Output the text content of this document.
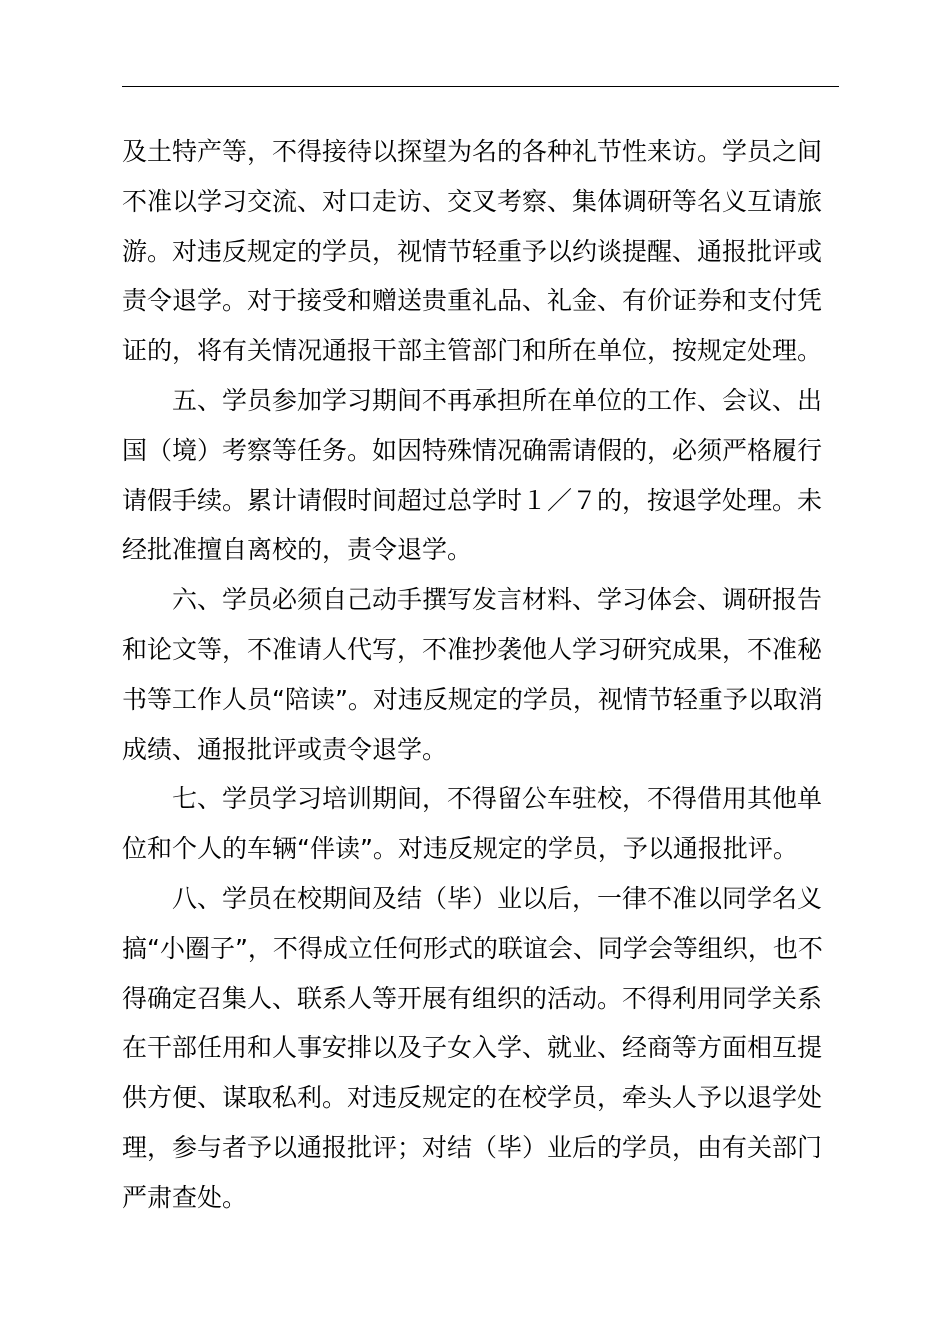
及土特产等，不得接待以探望为名的各种礼节性来访。学员之间
不准以学习交流、对口走访、交叉考察、集体调研等名义互请旅
游。对违反规定的学员，视情节轻重予以约谈提醒、通报批评或
责令退学。对于接受和赠送贵重礼品、礼金、有价证券和支付凭
证的，将有关情况通报干部主管部门和所在单位，按规定处理。
五、学员参加学习期间不再承担所在单位的工作、会议、出
国（境）考察等任务。如因特殊情况确需请假的，必须严格履行
请假手续。累计请假时间超过总学时１／７的，按退学处理。未
经批准擅自离校的，责令退学。
六、学员必须自己动手撰写发言材料、学习体会、调研报告
和论文等，不准请人代写，不准抄袭他人学习研究成果，不准秘
书等工作人员“陪读”。对违反规定的学员，视情节轻重予以取消
成绩、通报批评或责令退学。
七、学员学习培训期间，不得留公车驻校，不得借用其他单
位和个人的车辆“伴读”。对违反规定的学员，予以通报批评。
八、学员在校期间及结（毕）业以后，一律不准以同学名义
搞“小圈子”，不得成立任何形式的联谊会、同学会等组织，也不
得确定召集人、联系人等开展有组织的活动。不得利用同学关系
在干部任用和人事安排以及子女入学、就业、经商等方面相互提
供方便、谋取私利。对违反规定的在校学员，牵头人予以退学处
理，参与者予以通报批评；对结（毕）业后的学员，由有关部门
严肃查处。
